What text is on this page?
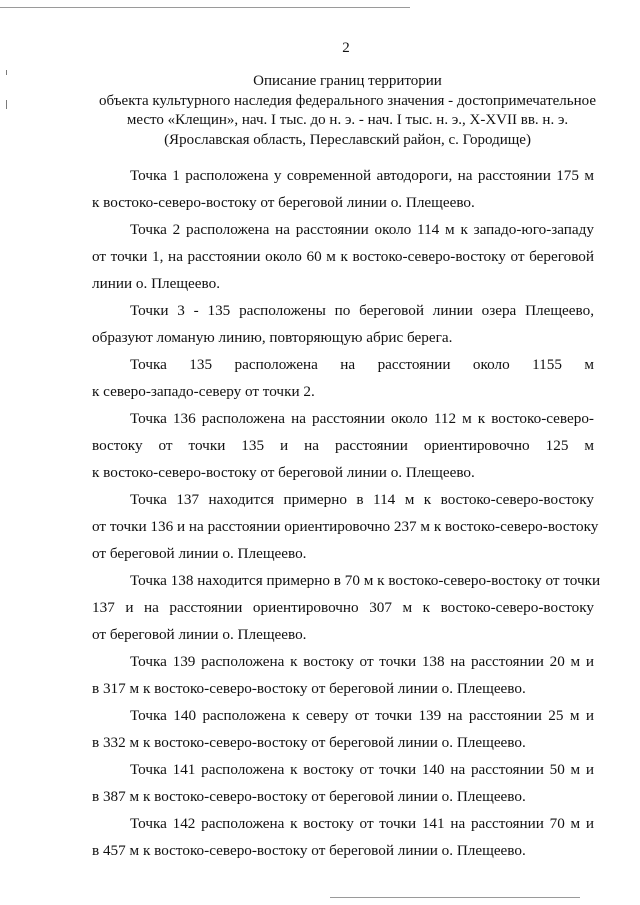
2
Описание границ территории
объекта культурного наследия федерального значения - достопримечательное
место «Клещин», нач. I тыс. до н. э. - нач. I тыс. н. э., X-XVII вв. н. э.
(Ярославская область, Переславский район, с. Городище)
Точка 1 расположена у современной автодороги, на расстоянии 175 м
к востоко-северо-востоку от береговой линии о. Плещеево.
Точка 2 расположена на расстоянии около 114 м к западо-юго-западу
от точки 1, на расстоянии около 60 м к востоко-северо-востоку от береговой
линии о. Плещеево.
Точки 3 - 135 расположены по береговой линии озера Плещеево,
образуют ломаную линию, повторяющую абрис берега.
Точка 135 расположена на расстоянии около 1155 м
к северо-западо-северу от точки 2.
Точка 136 расположена на расстоянии около 112 м к востоко-северо-
востоку от точки 135 и на расстоянии ориентировочно 125 м
к востоко-северо-востоку от береговой линии о. Плещеево.
Точка 137 находится примерно в 114 м к востоко-северо-востоку
от точки 136 и на расстоянии ориентировочно 237 м к востоко-северо-востоку
от береговой линии о. Плещеево.
Точка 138 находится примерно в 70 м к востоко-северо-востоку от точки
137 и на расстоянии ориентировочно 307 м к востоко-северо-востоку
от береговой линии о. Плещеево.
Точка 139 расположена к востоку от точки 138 на расстоянии 20 м и
в 317 м к востоко-северо-востоку от береговой линии о. Плещеево.
Точка 140 расположена к северу от точки 139 на расстоянии 25 м и
в 332 м к востоко-северо-востоку от береговой линии о. Плещеево.
Точка 141 расположена к востоку от точки 140 на расстоянии 50 м и
в 387 м к востоко-северо-востоку от береговой линии о. Плещеево.
Точка 142 расположена к востоку от точки 141 на расстоянии 70 м и
в 457 м к востоко-северо-востоку от береговой линии о. Плещеево.
